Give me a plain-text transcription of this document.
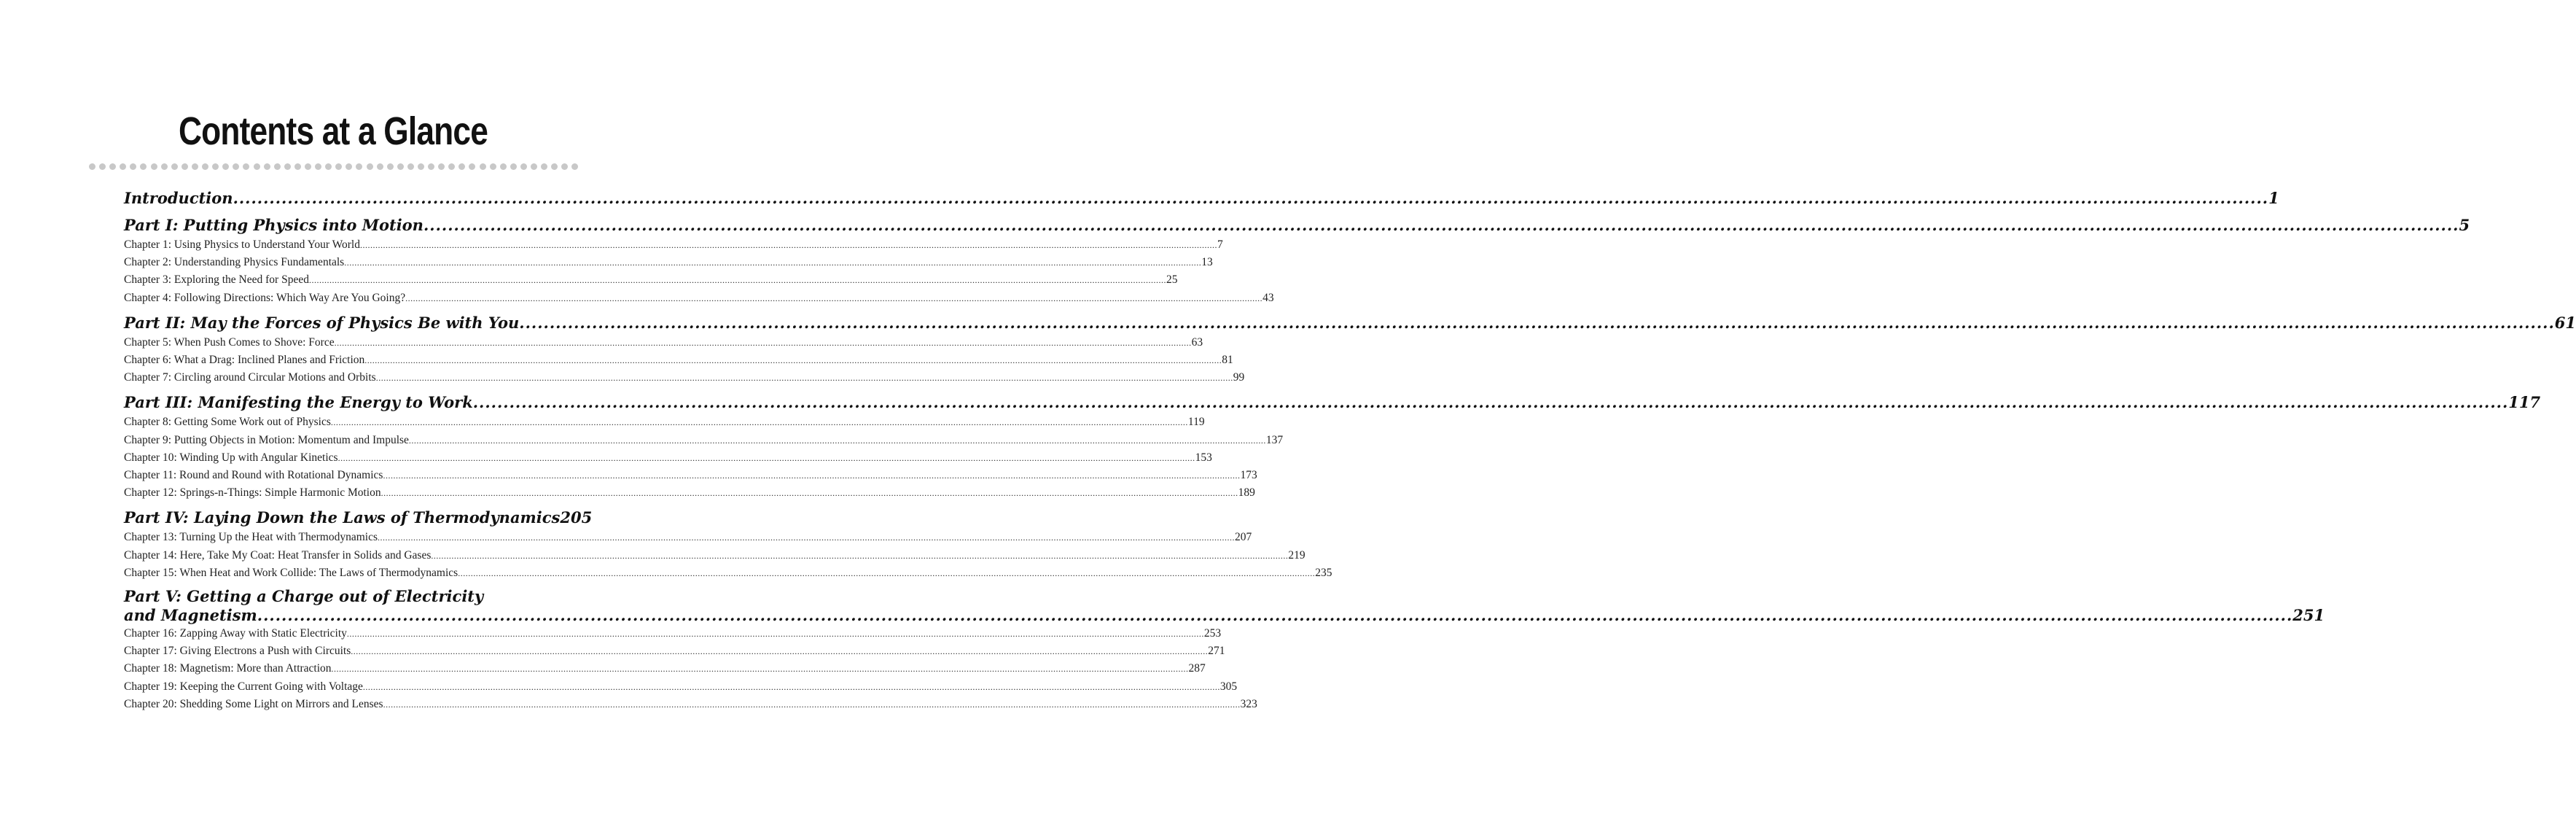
Contents at a Glance
Introduction .....	1
Part I: Putting Physics into Motion .....	5
Chapter 1: Using Physics to Understand Your World .....	7
Chapter 2: Understanding Physics Fundamentals .....	13
Chapter 3: Exploring the Need for Speed .....	25
Chapter 4: Following Directions: Which Way Are You Going? .....	43
Part II: May the Forces of Physics Be with You .....	61
Chapter 5: When Push Comes to Shove: Force .....	63
Chapter 6: What a Drag: Inclined Planes and Friction .....	81
Chapter 7: Circling around Circular Motions and Orbits .....	99
Part III: Manifesting the Energy to Work .....	117
Chapter 8: Getting Some Work out of Physics .....	119
Chapter 9: Putting Objects in Motion: Momentum and Impulse .....	137
Chapter 10: Winding Up with Angular Kinetics .....	153
Chapter 11: Round and Round with Rotational Dynamics .....	173
Chapter 12: Springs-n-Things: Simple Harmonic Motion .....	189
Part IV: Laying Down the Laws of Thermodynamics 205
Chapter 13: Turning Up the Heat with Thermodynamics .....	207
Chapter 14: Here, Take My Coat: Heat Transfer in Solids and Gases .....	219
Chapter 15: When Heat and Work Collide: The Laws of Thermodynamics .....	235
Part V: Getting a Charge out of Electricity
and Magnetism .....	251
Chapter 16: Zapping Away with Static Electricity .....	253
Chapter 17: Giving Electrons a Push with Circuits .....	271
Chapter 18: Magnetism: More than Attraction .....	287
Chapter 19: Keeping the Current Going with Voltage .....	305
Chapter 20: Shedding Some Light on Mirrors and Lenses .....	323
